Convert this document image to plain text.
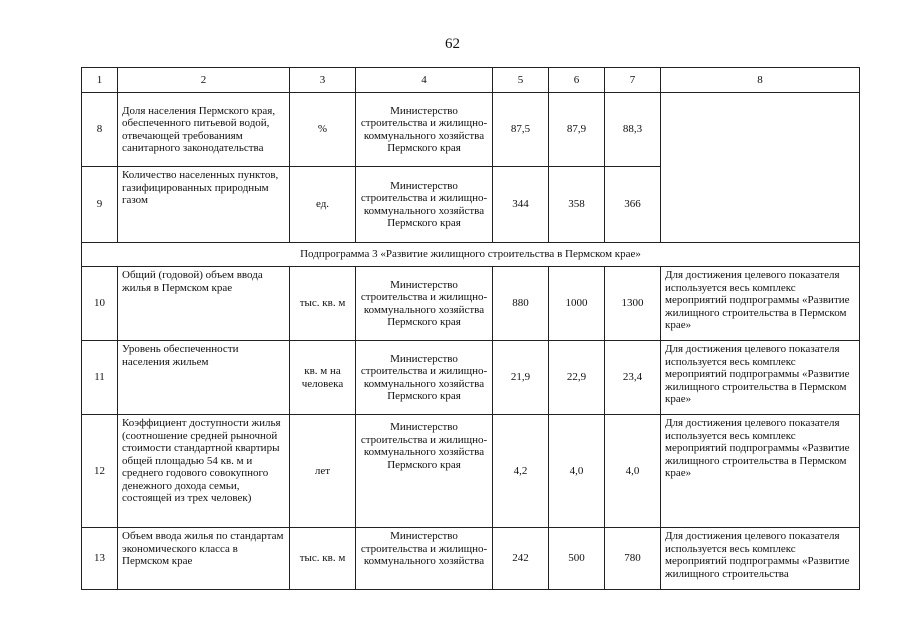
62
1	2	3	4	5	6	7	8
8	Доля населения Пермского края, обеспеченного питьевой водой, отвечающей требованиям санитарного законодательства	%	Министерство строительства и жилищно-коммунального хозяйства Пермского края	87,5	87,9	88,3	
9	Количество населенных пунктов, газифицированных природным газом	ед.	Министерство строительства и жилищно-коммунального хозяйства Пермского края	344	358	366	
Подпрограмма 3 «Развитие жилищного строительства в Пермском крае»							
10	Общий (годовой) объем ввода жилья в Пермском крае	тыс. кв. м	Министерство строительства и жилищно-коммунального хозяйства Пермского края	880	1000	1300	Для достижения целевого показателя используется весь комплекс мероприятий подпрограммы «Развитие жилищного строительства в Пермском крае»
11	Уровень обеспеченности населения жильем	кв. м на человека	Министерство строительства и жилищно-коммунального хозяйства Пермского края	21,9	22,9	23,4	Для достижения целевого показателя используется весь комплекс мероприятий подпрограммы «Развитие жилищного строительства в Пермском крае»
12	Коэффициент доступности жилья (соотношение средней рыночной стоимости стандартной квартиры общей площадью 54 кв. м и среднего годового совокупного денежного дохода семьи, состоящей из трех человек)	лет	Министерство строительства и жилищно-коммунального хозяйства Пермского края	4,2	4,0	4,0	Для достижения целевого показателя используется весь комплекс мероприятий подпрограммы «Развитие жилищного строительства в Пермском крае»
13	Объем ввода жилья по стандартам экономического класса в Пермском крае	тыс. кв. м	Министерство строительства и жилищно-коммунального хозяйства	242	500	780	Для достижения целевого показателя используется весь комплекс мероприятий подпрограммы «Развитие жилищного строительства
